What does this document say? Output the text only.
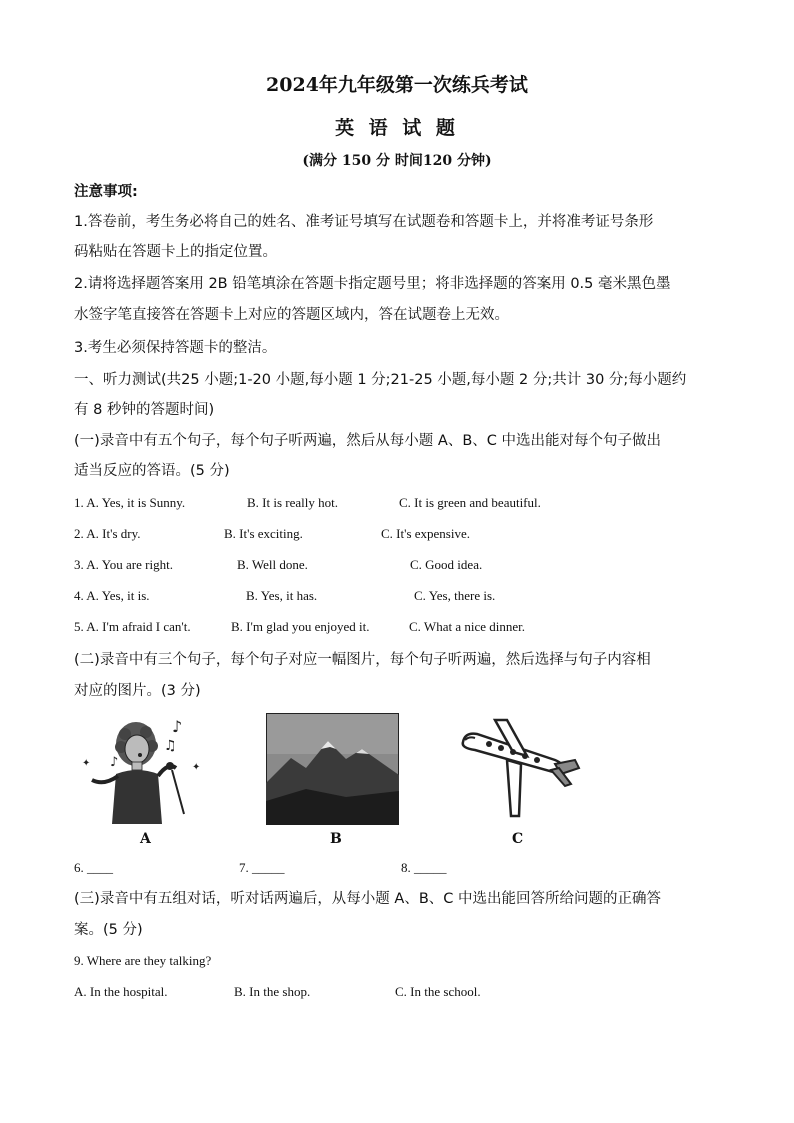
2024年九年级第一次练兵考试
英 语 试 题
(满分 150 分 时间120 分钟)
注意事项:
1.答卷前，考生务必将自己的姓名、准考证号填写在试题卷和答题卡上，并将准考证号条形
码粘贴在答题卡上的指定位置。
2.请将选择题答案用 2B 铅笔填涂在答题卡指定题号里；将非选择题的答案用 0.5 毫米黑色墨
水签字笔直接答在答题卡上对应的答题区域内，答在试题卷上无效。
3.考生必须保持答题卡的整洁。
一、听力测试(共25 小题;1-20 小题,每小题 1 分;21-25 小题,每小题 2 分;共计 30 分;每小题约
有 8 秒钟的答题时间)
(一)录音中有五个句子，每个句子听两遍，然后从每小题 A、B、C 中选出能对每个句子做出
适当反应的答语。(5 分)
1. A. Yes, it is Sunny.	B. It is really hot.	C. It is green and beautiful.
2. A. It's dry.	B. It's exciting.	C. It's expensive.
3. A. You are right.	B. Well done.	C. Good idea.
4. A. Yes, it is.	B. Yes, it has.	C. Yes, there is.
5. A. I'm afraid I can't.	B. I'm glad you enjoyed it.	C. What a nice dinner.
(二)录音中有三个句子，每个句子对应一幅图片，每个句子听两遍，然后选择与句子内容相
对应的图片。(3 分)
♪
♫
♪
✦	✦
A	B	C
6. ____	7. _____	8. _____
(三)录音中有五组对话，听对话两遍后，从每小题 A、B、C 中选出能回答所给问题的正确答
案。(5 分)
9. Where are they talking?
A. In the hospital.	B. In the shop.	C. In the school.
